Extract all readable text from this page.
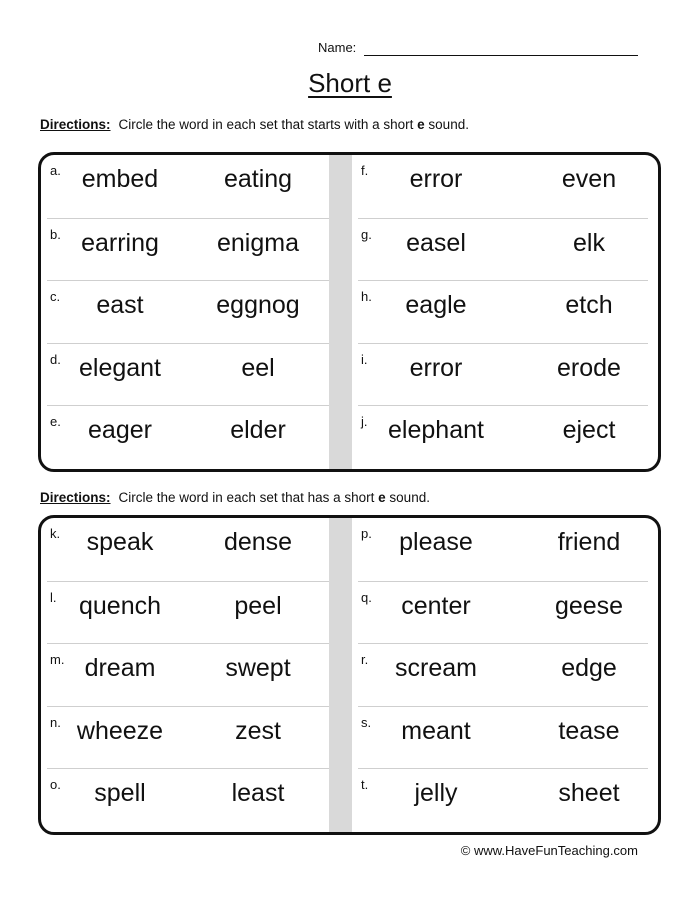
Name:
Short e
Directions: Circle the word in each set that starts with a short e sound.
a. embed	eating
b. earring	enigma
c.	east	eggnog
d. elegant	eel
e.	eager	elder
f.	error	even
g.	easel	elk
h.	eagle	etch
i.	error	erode
j. elephant	eject
Directions: Circle the word in each set that has a short e sound.
k.	speak	dense
l. quench	peel
m. dream	swept
n. wheeze	zest
o.	spell	least
p.	please	friend
q.	center	geese
r.	scream	edge
s.	meant	tease
t.	jelly	sheet
© www.HaveFunTeaching.com
